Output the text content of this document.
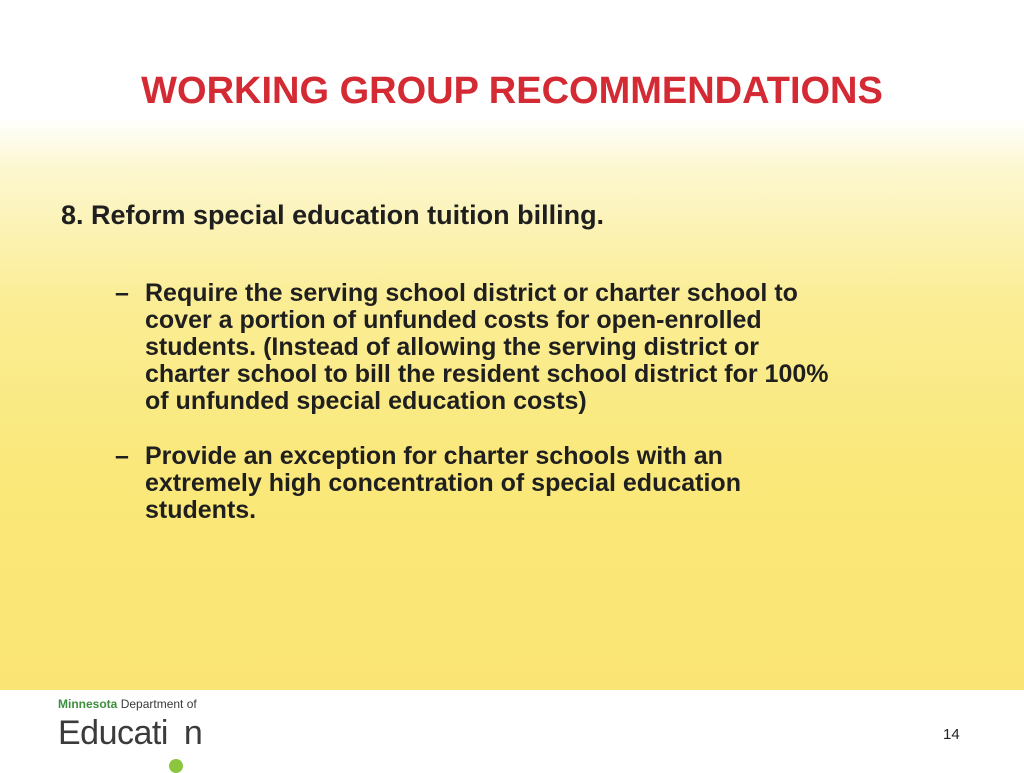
WORKING GROUP RECOMMENDATIONS
8. Reform special education tuition billing.
– Require the serving school district or charter school to
cover a portion of unfunded costs for open-enrolled
students. (Instead of allowing the serving district or
charter school to bill the resident school district for 100%
of unfunded special education costs)
– Provide an exception for charter schools with an
extremely high concentration of special education
students.
Minnesota Department of
Educati n	14
